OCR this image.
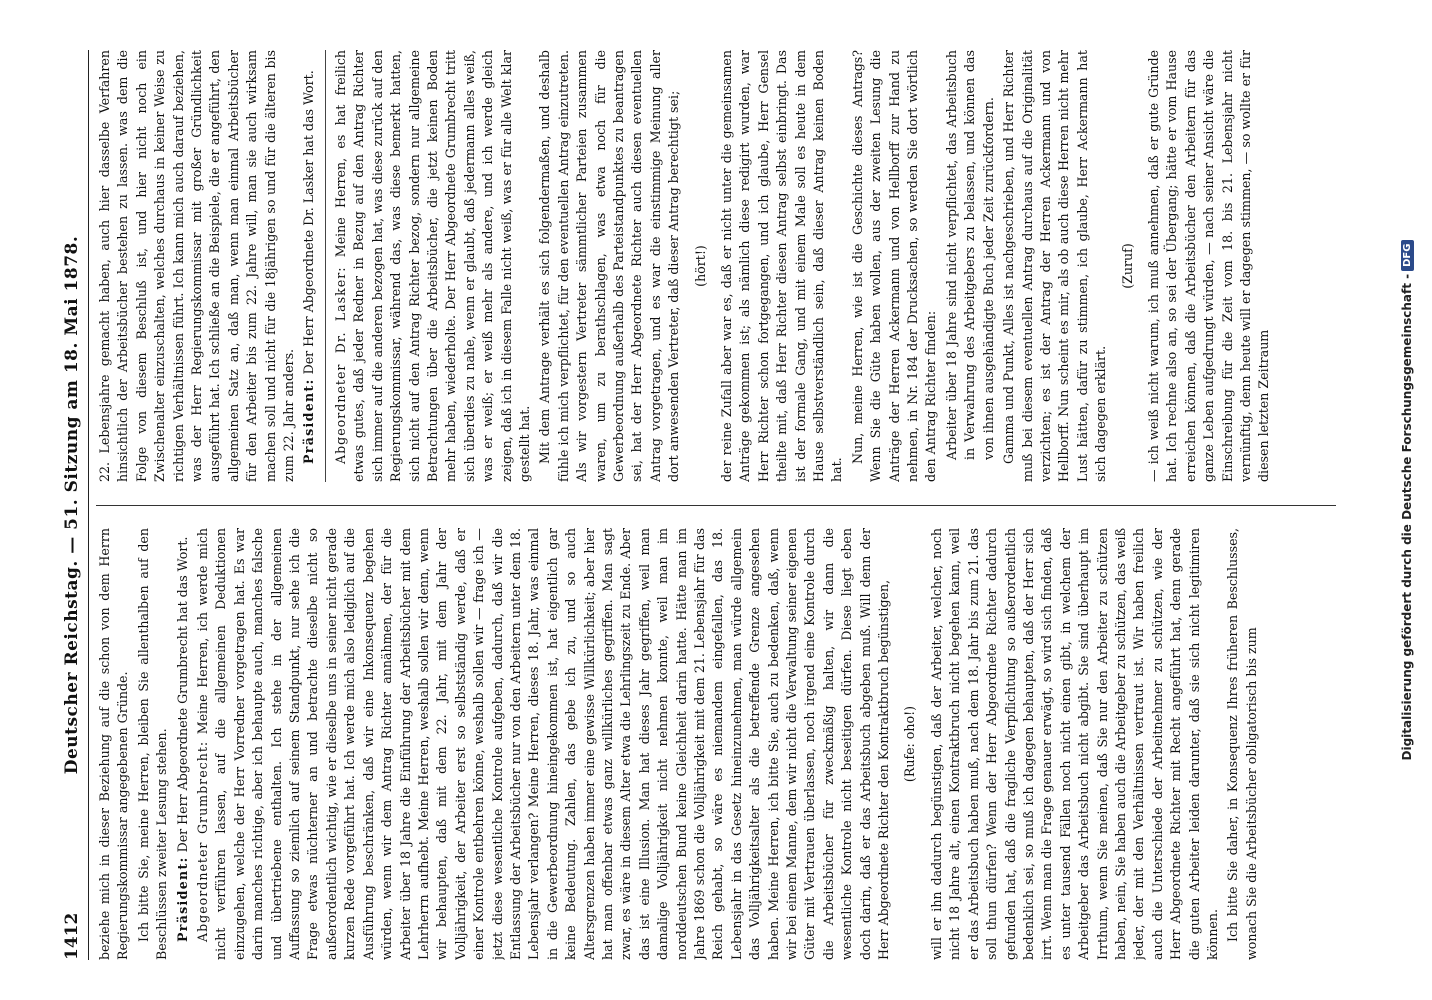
1412
Deutscher Reichstag. — 51. Sitzung am 18. Mai 1878. beziehe mich in dieser Beziehung auf die schon von dem Herrn Regierungskommissar angegebenen Gründe. Ich bitte Sie, meine Herren, bleiben Sie allenthalben auf den Beschlüssen zweiter Lesung stehen. Präsident: Der Herr Abgeordnete Grumbrecht hat das Wort. Abgeordneter Grumbrecht: Meine Herren, ich werde mich nicht verführen lassen, auf die allgemeinen Deduktionen einzugehen, welche der Herr Vorredner vorgetragen hat. Es war darin manches richtige, aber ich behaupte auch, manches falsche und übertriebene enthalten. Ich stehe in der allgemeinen Auffassung so ziemlich auf seinem Standpunkt, nur sehe ich die Frage etwas nüchterner an und betrachte dieselbe nicht so außerordentlich wichtig, wie er dieselbe uns in seiner nicht gerade kurzen Rede vorgeführt hat. Ich werde mich also lediglich auf die Ausführung beschränken, daß wir eine Inkonsequenz begehen würden, wenn wir dem Antrag Richter annähmen, der für die Arbeiter über 18 Jahre die Einführung der Arbeitsbücher mit dem Lehrherrn aufhebt. Meine Herren, weshalb sollen wir denn, wenn wir behaupten, daß mit dem 22. Jahr, mit dem Jahr der Volljährigkeit, der Arbeiter erst so selbstständig werde, daß er einer Kontrole entbehren könne, weshalb sollen wir — frage ich — jetzt diese wesentliche Kontrole aufgeben, dadurch, daß wir die Entlassung der Arbeitsbücher nur von den Arbeitern unter dem 18. Lebensjahr verlangen? Meine Herren, dieses 18. Jahr, was einmal in die Gewerbeordnung hineingekommen ist, hat eigentlich gar keine Bedeutung. Zahlen, das gebe ich zu, und so auch Altersgrenzen haben immer eine gewisse Willkürlichkeit; aber hier hat man offenbar etwas ganz willkürliches gegriffen. Man sagt zwar, es wäre in diesem Alter etwa die Lehrlingszeit zu Ende. Aber das ist eine Illusion. Man hat dieses Jahr gegriffen, weil man damalige Volljährigkeit nicht nehmen konnte, weil man im norddeutschen Bund keine Gleichheit darin hatte. Hätte man im Jahre 1869 schon die Volljährigkeit mit dem 21. Lebensjahr für das Reich gehabt, so wäre es niemandem eingefallen, das 18. Lebensjahr in das Gesetz hineinzunehmen, man würde allgemein das Volljährigkeitsalter als die betreffende Grenze angesehen haben. Meine Herren, ich bitte Sie, auch zu bedenken, daß, wenn wir bei einem Manne, dem wir nicht die Verwaltung seiner eigenen Güter mit Vertrauen überlassen, noch irgend eine Kontrole durch die Arbeitsbücher für zweckmäßig halten, wir dann die wesentliche Kontrole nicht beseitigen dürfen. Diese liegt eben doch darin, daß er das Arbeitsbuch abgeben muß. Will denn der Herr Abgeordnete Richter den Kontraktbruch begünstigen, (Rufe: oho!) will er ihn dadurch begünstigen, daß der Arbeiter, welcher, noch nicht 18 Jahre alt, einen Kontraktbruch nicht begehen kann, weil er das Arbeitsbuch haben muß, nach dem 18. Jahr bis zum 21. das soll thun dürfen? Wenn der Herr Abgeordnete Richter dadurch gefunden hat, daß die fragliche Verpflichtung so außerordentlich bedenklich sei, so muß ich dagegen behaupten, daß der Herr sich irrt. Wenn man die Frage genauer erwägt, so wird sich finden, daß es unter tausend Fällen noch nicht einen gibt, in welchem der Arbeitgeber das Arbeitsbuch nicht abgibt. Sie sind überhaupt im Irrthum, wenn Sie meinen, daß Sie nur den Arbeiter zu schützen haben, nein, Sie haben auch die Arbeitgeber zu schützen, das weiß jeder, der mit den Verhältnissen vertraut ist. Wir haben freilich auch die Unterschiede der Arbeitnehmer zu schützen, wie der Herr Abgeordnete Richter mit Recht angeführt hat, denn gerade die guten Arbeiter leiden darunter, daß sie sich nicht legitimiren können. Ich bitte Sie daher, in Konsequenz Ihres früheren Beschlusses, wonach Sie die Arbeitsbücher obligatorisch bis zum

22. Lebensjahre gemacht haben, auch hier dasselbe Verfahren hinsichtlich der Arbeitsbücher bestehen zu lassen. was dem die Folge von diesem Beschluß ist, und hier nicht noch ein Zwischenalter einzuschalten, welches durchaus in keiner Weise zu richtigen Verhältnissen führt. Ich kann mich auch darauf beziehen, was der Herr Regierungskommissar mit großer Gründlichkeit ausgeführt hat. Ich schließe an die Beispiele, die er angeführt, den allgemeinen Satz an, daß man, wenn man einmal Arbeitsbücher für den Arbeiter bis zum 22. Jahre will, man sie auch wirksam machen soll und nicht für die 18jährigen so und für die älteren bis zum 22. Jahr anders. Präsident: Der Herr Abgeordnete Dr. Lasker hat das Wort. Abgeordneter Dr. Lasker: Meine Herren, es hat freilich etwas gutes, daß jeder Redner in Bezug auf den Antrag Richter sich immer auf die anderen bezogen hat, was diese zurück auf den Regierungskommissar, während das, was diese bemerkt hatten, sich nicht auf den Antrag Richter bezog, sondern nur allgemeine Betrachtungen über die Arbeitsbücher, die jetzt keinen Boden mehr haben, wiederholte. Der Herr Abgeordnete Grumbrecht tritt sich überdies zu nahe, wenn er glaubt, daß jedermann alles weiß, was er weiß; er weiß mehr als andere, und ich werde gleich zeigen, daß ich in diesem Falle nicht weiß, was er für alle Welt klar gestellt hat. Mit dem Antrage verhält es sich folgendermaßen, und deshalb fühle ich mich verpflichtet, für den eventuellen Antrag einzutreten. Als wir vorgestern Vertreter sämmtlicher Parteien zusammen waren, um zu berathschlagen, was etwa noch für die Gewerbeordnung außerhalb des Parteistandpunktes zu beantragen sei, hat der Herr Abgeordnete Richter auch diesen eventuellen Antrag vorgetragen, und es war die einstimmige Meinung aller dort anwesenden Vertreter, daß dieser Antrag berechtigt sei; (hört!) der reine Zufall aber war es, daß er nicht unter die gemeinsamen Anträge gekommen ist; als nämlich diese redigirt wurden, war Herr Richter schon fortgegangen, und ich glaube, Herr Gensel theilte mit, daß Herr Richter diesen Antrag selbst einbringt. Das ist der formale Gang, und mit einem Male soll es heute in dem Hause selbstverständlich sein, daß dieser Antrag keinen Boden hat.

Nun, meine Herren, wie ist die Geschichte dieses Antrags? Wenn Sie die Güte haben wollen, aus der zweiten Lesung die Anträge der Herren Ackermann und von Hellborff zur Hand zu nehmen, in Nr. 184 der Drucksachen, so werden Sie dort wörtlich den Antrag Richter finden: Arbeiter über 18 Jahre sind nicht verpflichtet, das Arbeitsbuch in Verwahrung des Arbeitgebers zu belassen, und können das von ihnen ausgehändigte Buch jeder Zeit zurückfordern. Gamma und Punkt, Alles ist nachgeschrieben, und Herr Richter muß bei diesem eventuellen Antrag durchaus auf die Originalität verzichten; es ist der Antrag der Herren Ackermann und von Hellborff. Nun scheint es mir, als ob auch diese Herren nicht mehr Lust hätten, dafür zu stimmen, ich glaube, Herr Ackermann hat sich dagegen erklärt.

(Zuruf) — ich weiß nicht warum, ich muß annehmen, daß er gute Gründe hat. Ich rechne also an, so sei der Übergang; hätte er vom Hause erreichen können, daß die Arbeitsbücher den Arbeitern für das ganze Leben aufgedrungt würden, — nach seiner Ansicht wäre die Einschreibung für die Zeit vom 18. bis 21. Lebensjahr nicht vernünftig, denn heute will er dagegen stimmen, — so wollte er für diesen letzten Zeitraum	Digitalisierung gefördert durch die Deutsche Forschungsgemeinschaft -DFG
